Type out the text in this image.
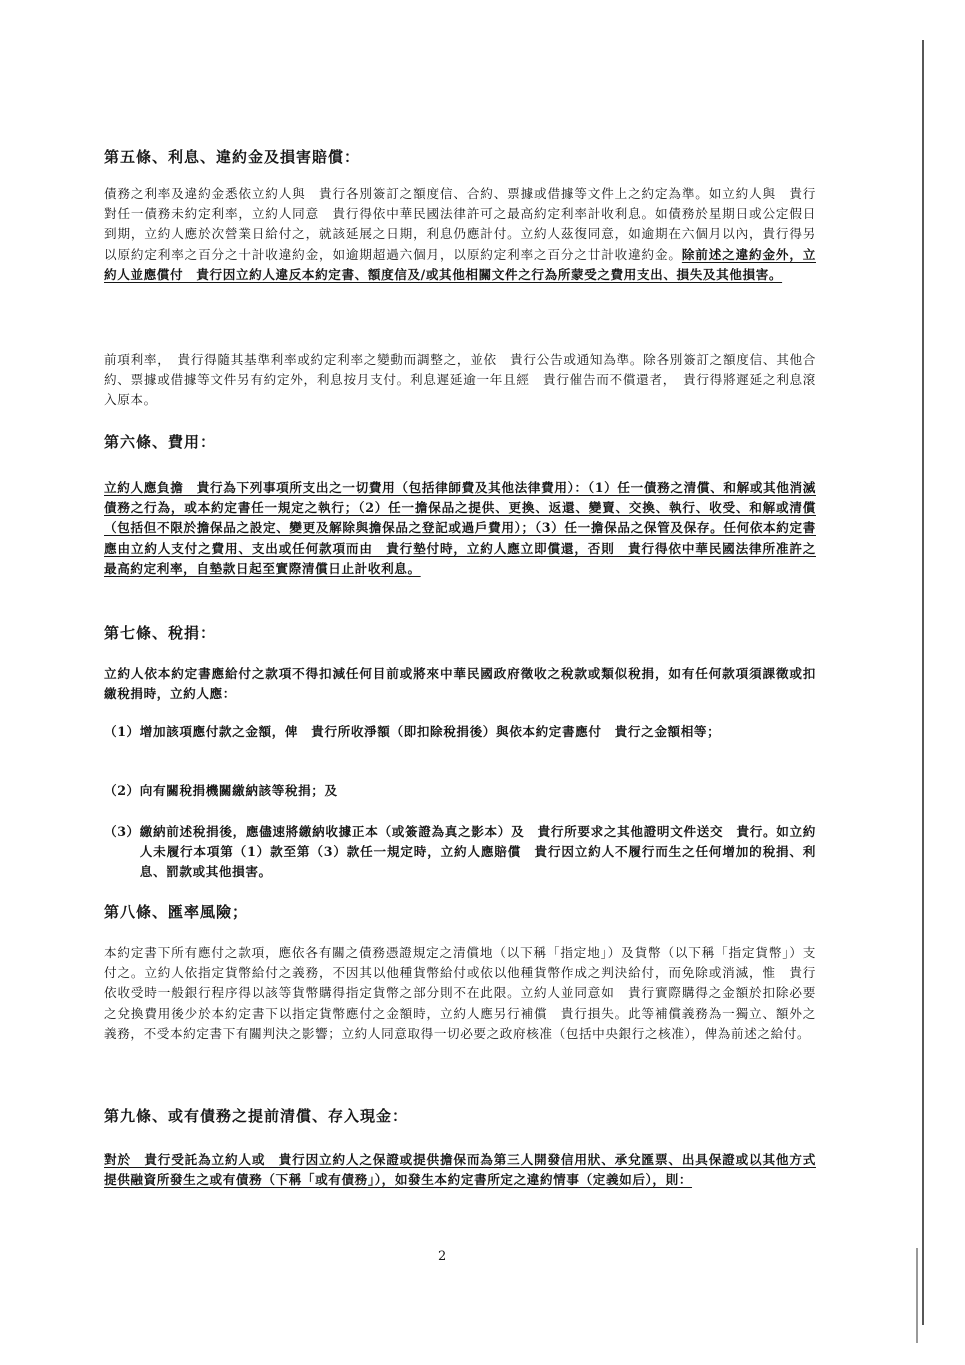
第五條、利息、違約金及損害賠償：
債務之利率及違約金悉依立約人與　貴行各別簽訂之額度信、合約、票據或借據等文件上之約定為準。如立約人與　貴行對任一債務未約定利率，立約人同意　貴行得依中華民國法律許可之最高約定利率計收利息。如債務於星期日或公定假日到期，立約人應於次營業日給付之，就該延展之日期，利息仍應計付。立約人茲復同意，如逾期在六個月以內，貴行得另以原約定利率之百分之十計收違約金，如逾期超過六個月，以原約定利率之百分之廿計收違約金。除前述之違約金外，立約人並應償付　貴行因立約人違反本約定書、額度信及/或其他相關文件之行為所蒙受之費用支出、損失及其他損害。
前項利率，　貴行得隨其基準利率或約定利率之變動而調整之，並依　貴行公告或通知為準。除各別簽訂之額度信、其他合約、票據或借據等文件另有約定外，利息按月支付。利息遲延逾一年且經　貴行催告而不償還者，　貴行得將遲延之利息滾入原本。
第六條、費用：
立約人應負擔　貴行為下列事項所支出之一切費用（包括律師費及其他法律費用）：（1）任一債務之清償、和解或其他消滅債務之行為，或本約定書任一規定之執行；（2）任一擔保品之提供、更換、返還、變賣、交換、執行、收受、和解或清償（包括但不限於擔保品之設定、變更及解除與擔保品之登記或過戶費用）；（3）任一擔保品之保管及保存。任何依本約定書應由立約人支付之費用、支出或任何款項而由　貴行墊付時，立約人應立即償還，否則　貴行得依中華民國法律所准許之最高約定利率，自墊款日起至實際清償日止計收利息。
第七條、稅捐：
立約人依本約定書應給付之款項不得扣減任何目前或將來中華民國政府徵收之稅款或類似稅捐，如有任何款項須課徵或扣繳稅捐時，立約人應：
（1） 增加該項應付款之金額，俾　貴行所收淨額（即扣除稅捐後）與依本約定書應付　貴行之金額相等；
（2） 向有關稅捐機關繳納該等稅捐；及
（3） 繳納前述稅捐後，應儘速將繳納收據正本（或簽證為真之影本）及　貴行所要求之其他證明文件送交　貴行。如立約人未履行本項第（1）款至第（3）款任一規定時，立約人應賠償　貴行因立約人不履行而生之任何增加的稅捐、利息、罰款或其他損害。
第八條、匯率風險；
本約定書下所有應付之款項，應依各有關之債務憑證規定之清償地（以下稱「指定地」）及貨幣（以下稱「指定貨幣」）支付之。立約人依指定貨幣給付之義務，不因其以他種貨幣給付或依以他種貨幣作成之判決給付，而免除或消滅，惟　貴行依收受時一般銀行程序得以該等貨幣購得指定貨幣之部分則不在此限。立約人並同意如　貴行實際購得之金額於扣除必要之兌換費用後少於本約定書下以指定貨幣應付之金額時，立約人應另行補償　貴行損失。此等補償義務為一獨立、額外之義務，不受本約定書下有關判決之影響；立約人同意取得一切必要之政府核准（包括中央銀行之核准），俾為前述之給付。
第九條、或有債務之提前清償、存入現金：
對於　貴行受託為立約人或　貴行因立約人之保證或提供擔保而為第三人開發信用狀、承兌匯票、出具保證或以其他方式提供融資所發生之或有債務（下稱「或有債務」），如發生本約定書所定之違約情事（定義如后），則：
2
